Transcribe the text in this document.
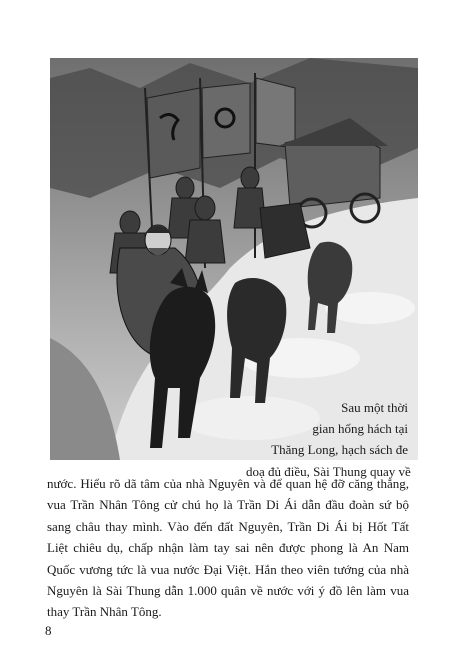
Sau một thời
gian hống hách tại
Thăng Long, hạch sách đe
doạ đủ điều, Sài Thung quay về

nước. Hiểu rõ dã tâm của nhà Nguyên và để quan hệ đỡ căng thẳng, vua Trần Nhân Tông cử chú họ là Trần Di Ái dẫn đầu đoàn sứ bộ sang châu thay mình. Vào đến đất Nguyên, Trần Di Ái bị Hốt Tất Liệt chiêu dụ, chấp nhận làm tay sai nên được phong là An Nam Quốc vương tức là vua nước Đại Việt. Hắn theo viên tướng của nhà Nguyên là Sài Thung dẫn 1.000 quân về nước với ý đồ lên làm vua thay Trần Nhân Tông.

8
